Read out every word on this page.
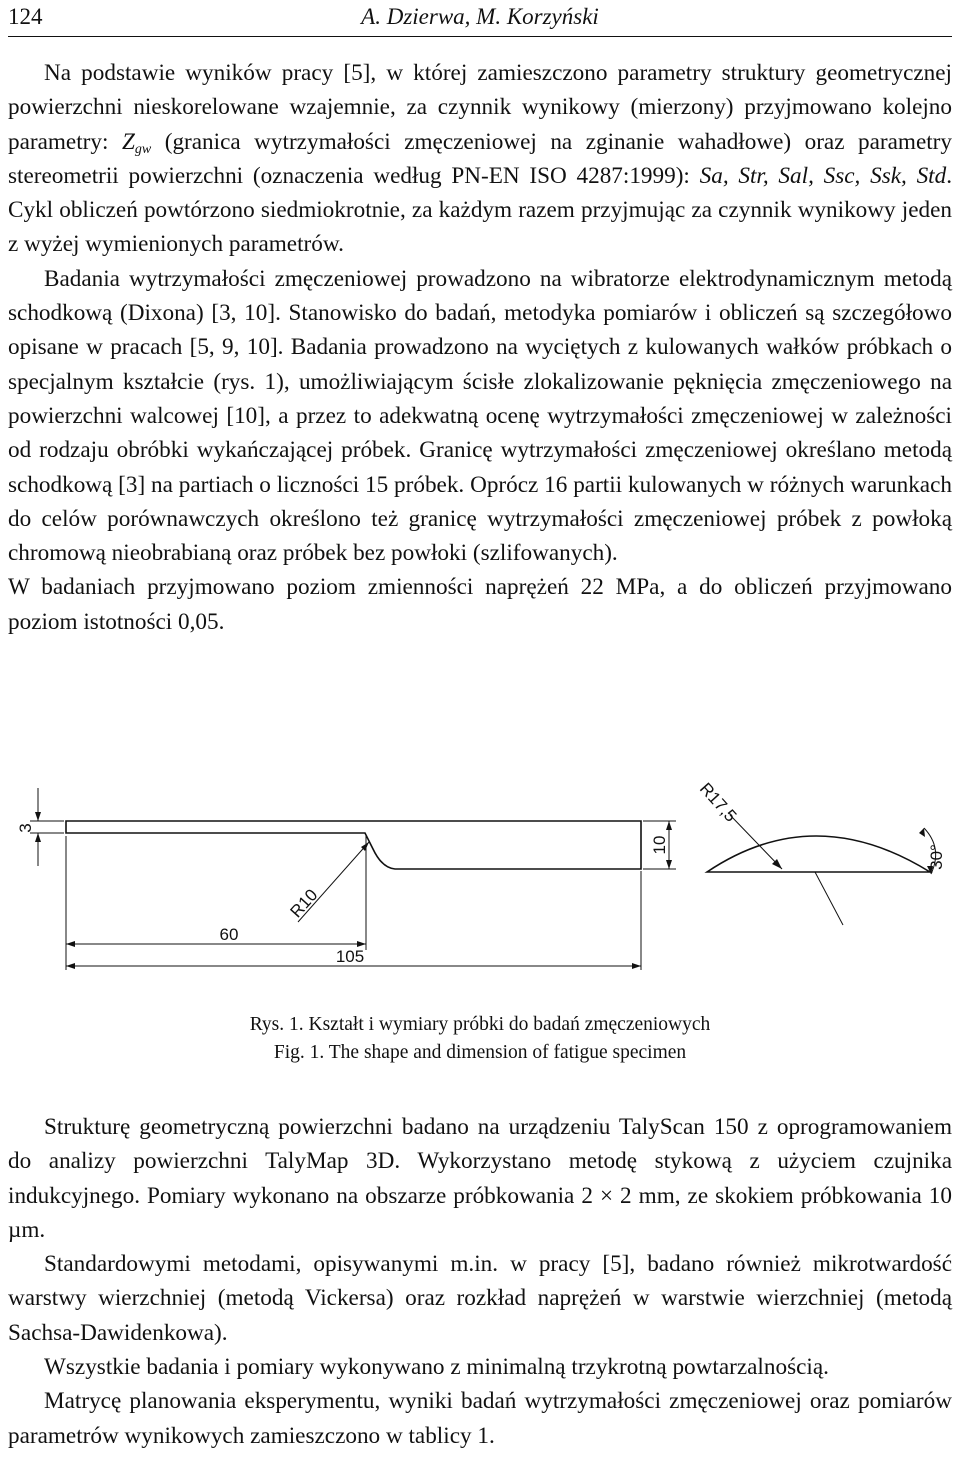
124	A. Dzierwa, M. Korzyński

Na podstawie wyników pracy [5], w której zamieszczono parametry struktury geometrycznej powierzchni nieskorelowane wzajemnie, za czynnik wynikowy (mierzony) przyjmowano kolejno parametry: $Z_{gw}$ (granica wytrzymałości zmęczeniowej na zginanie wahadłowe) oraz parametry stereometrii powierzchni (oznaczenia według PN-EN ISO 4287:1999): Sa, Str, Sal, Ssc, Ssk, Std. Cykl obliczeń powtórzono siedmiokrotnie, za każdym razem przyjmując za czynnik wynikowy jeden z wyżej wymienionych parametrów.

Badania wytrzymałości zmęczeniowej prowadzono na wibratorze elektrodynamicznym metodą schodkową (Dixona) [3, 10]. Stanowisko do badań, metodyka pomiarów i obliczeń są szczegółowo opisane w pracach [5, 9, 10]. Badania prowadzono na wyciętych z kulowanych wałków próbkach o specjalnym kształcie (rys. 1), umożliwiającym ścisłe zlokalizowanie pęknięcia zmęczeniowego na powierzchni walcowej [10], a przez to adekwatną ocenę wytrzymałości zmęczeniowej w zależności od rodzaju obróbki wykańczającej próbek. Granicę wytrzymałości zmęczeniowej określano metodą schodkową [3] na partiach o liczności 15 próbek. Oprócz 16 partii kulowanych w różnych warunkach do celów porównawczych określono też granicę wytrzymałości zmęczeniowej próbek z powłoką chromową nieobrabianą oraz próbek bez powłoki (szlifowanych).

W badaniach przyjmowano poziom zmienności naprężeń 22 MPa, a do obliczeń przyjmowano poziom istotności 0,05.

3
10
R10
60
105
R17,5
30°
Rys. 1. Kształt i wymiary próbki do badań zmęczeniowych
Fig. 1. The shape and dimension of fatigue specimen

Strukturę geometryczną powierzchni badano na urządzeniu TalyScan 150 z oprogramowaniem do analizy powierzchni TalyMap 3D. Wykorzystano metodę stykową z użyciem czujnika indukcyjnego. Pomiary wykonano na obszarze próbkowania 2 × 2 mm, ze skokiem próbkowania 10 µm.

Standardowymi metodami, opisywanymi m.in. w pracy [5], badano również mikrotwardość warstwy wierzchniej (metodą Vickersa) oraz rozkład naprężeń w warstwie wierzchniej (metodą Sachsa-Dawidenkowa).

Wszystkie badania i pomiary wykonywano z minimalną trzykrotną powtarzalnością.

Matrycę planowania eksperymentu, wyniki badań wytrzymałości zmęczeniowej oraz pomiarów parametrów wynikowych zamieszczono w tablicy 1.
